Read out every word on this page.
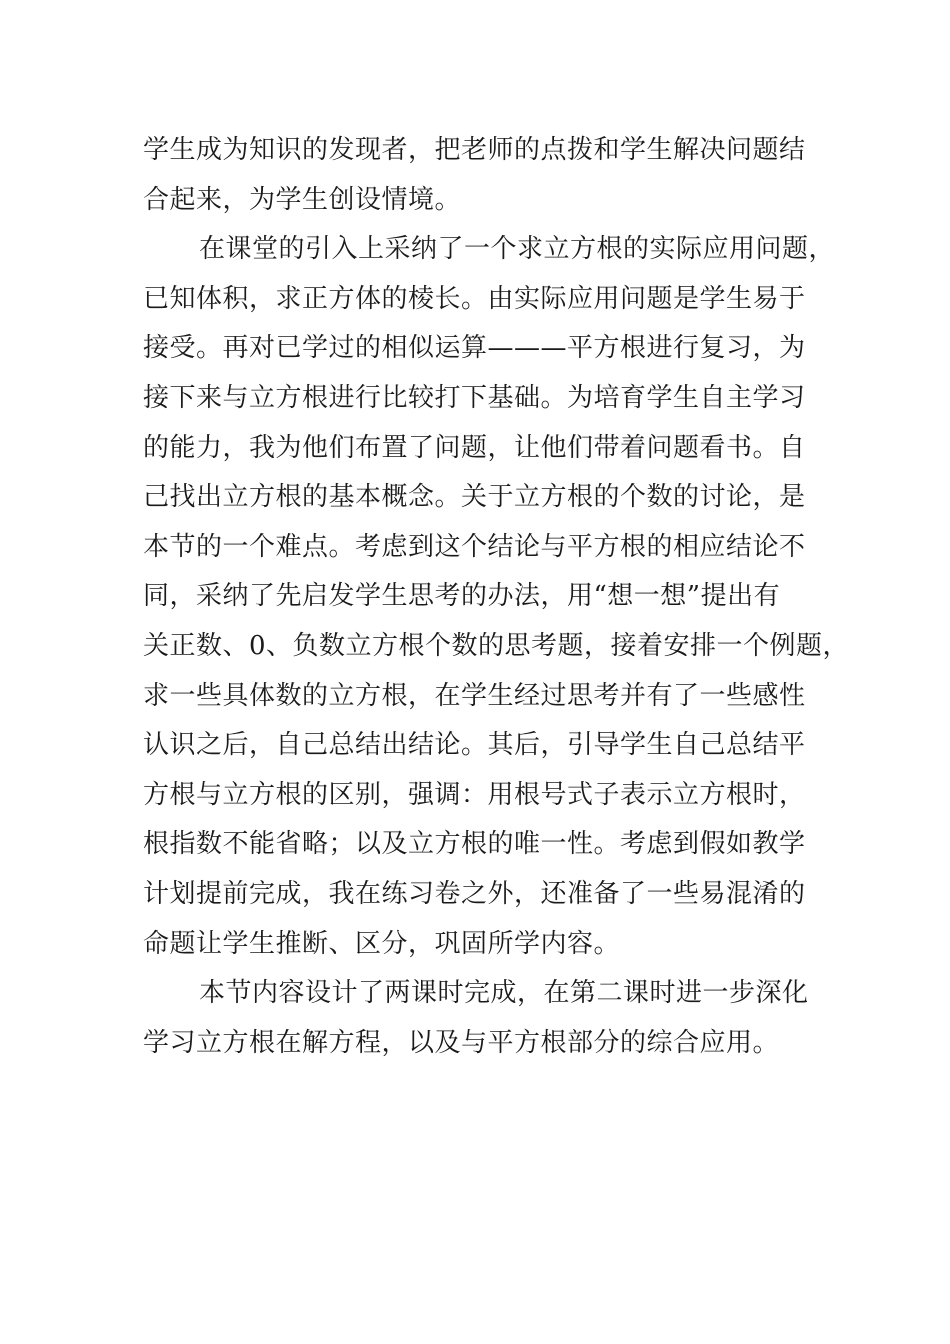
学生成为知识的发现者，把老师的点拨和学生解决问题结
合起来，为学生创设情境。
在课堂的引入上采纳了一个求立方根的实际应用问题，
已知体积，求正方体的棱长。由实际应用问题是学生易于
接受。再对已学过的相似运算———平方根进行复习，为
接下来与立方根进行比较打下基础。为培育学生自主学习
的能力，我为他们布置了问题，让他们带着问题看书。自
己找出立方根的基本概念。关于立方根的个数的讨论，是
本节的一个难点。考虑到这个结论与平方根的相应结论不
同，采纳了先启发学生思考的办法，用“想一想”提出有
关正数、0、负数立方根个数的思考题，接着安排一个例题，
求一些具体数的立方根，在学生经过思考并有了一些感性
认识之后，自己总结出结论。其后，引导学生自己总结平
方根与立方根的区别，强调：用根号式子表示立方根时，
根指数不能省略；以及立方根的唯一性。考虑到假如教学
计划提前完成，我在练习卷之外，还准备了一些易混淆的
命题让学生推断、区分，巩固所学内容。
本节内容设计了两课时完成，在第二课时进一步深化
学习立方根在解方程，以及与平方根部分的综合应用。
